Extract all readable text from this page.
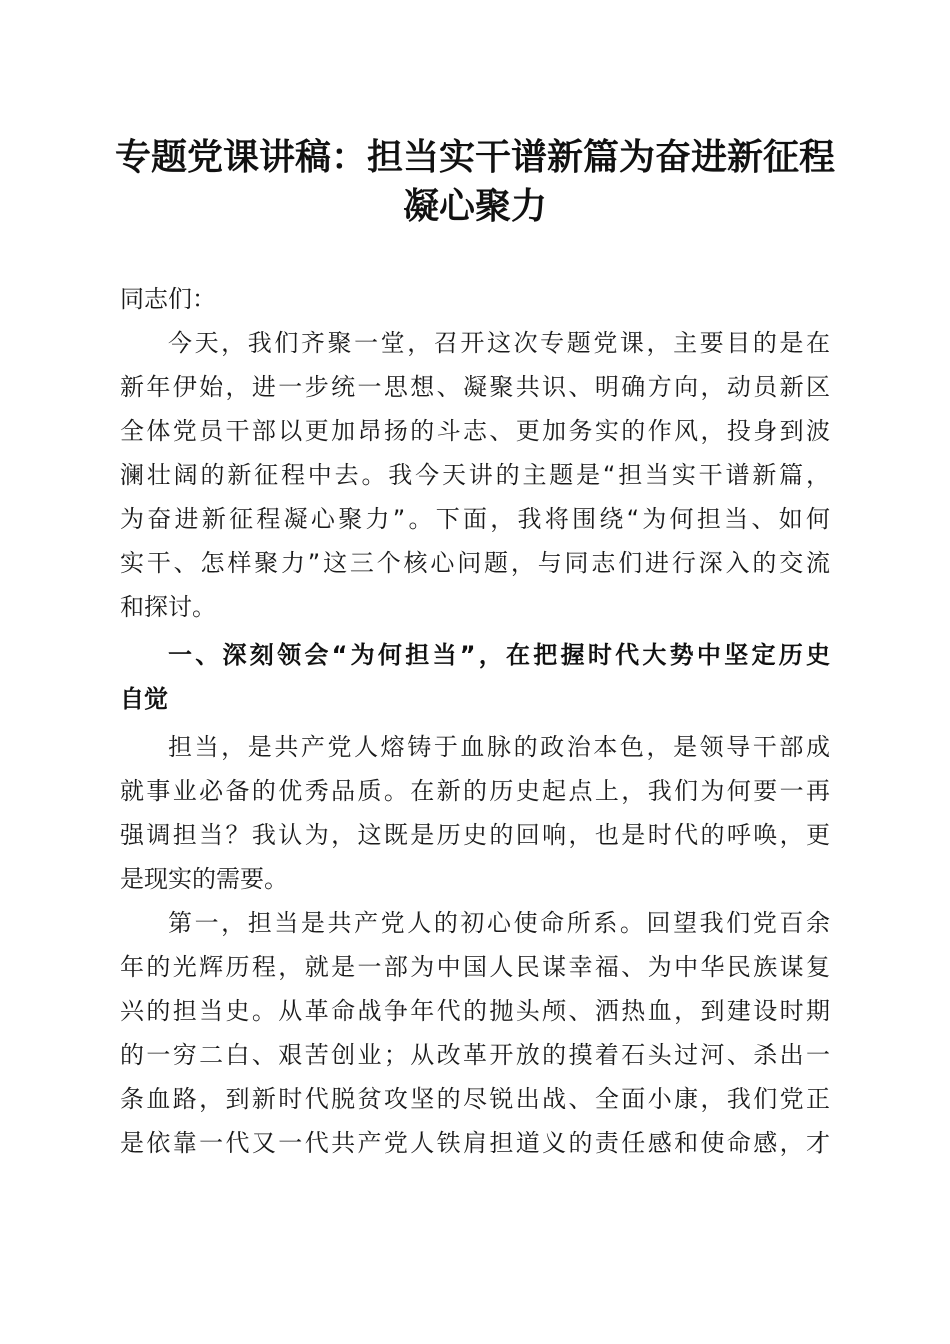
专题党课讲稿：担当实干谱新篇为奋进新征程
凝心聚力
同志们：
今天，我们齐聚一堂，召开这次专题党课，主要目的是在
新年伊始，进一步统一思想、凝聚共识、明确方向，动员新区
全体党员干部以更加昂扬的斗志、更加务实的作风，投身到波
澜壮阔的新征程中去。我今天讲的主题是“担当实干谱新篇，
为奋进新征程凝心聚力”。下面，我将围绕“为何担当、如何
实干、怎样聚力”这三个核心问题，与同志们进行深入的交流
和探讨。
一、深刻领会“为何担当”，在把握时代大势中坚定历史
自觉
担当，是共产党人熔铸于血脉的政治本色，是领导干部成
就事业必备的优秀品质。在新的历史起点上，我们为何要一再
强调担当？我认为，这既是历史的回响，也是时代的呼唤，更
是现实的需要。
第一，担当是共产党人的初心使命所系。回望我们党百余
年的光辉历程，就是一部为中国人民谋幸福、为中华民族谋复
兴的担当史。从革命战争年代的抛头颅、洒热血，到建设时期
的一穷二白、艰苦创业；从改革开放的摸着石头过河、杀出一
条血路，到新时代脱贫攻坚的尽锐出战、全面小康，我们党正
是依靠一代又一代共产党人铁肩担道义的责任感和使命感，才
